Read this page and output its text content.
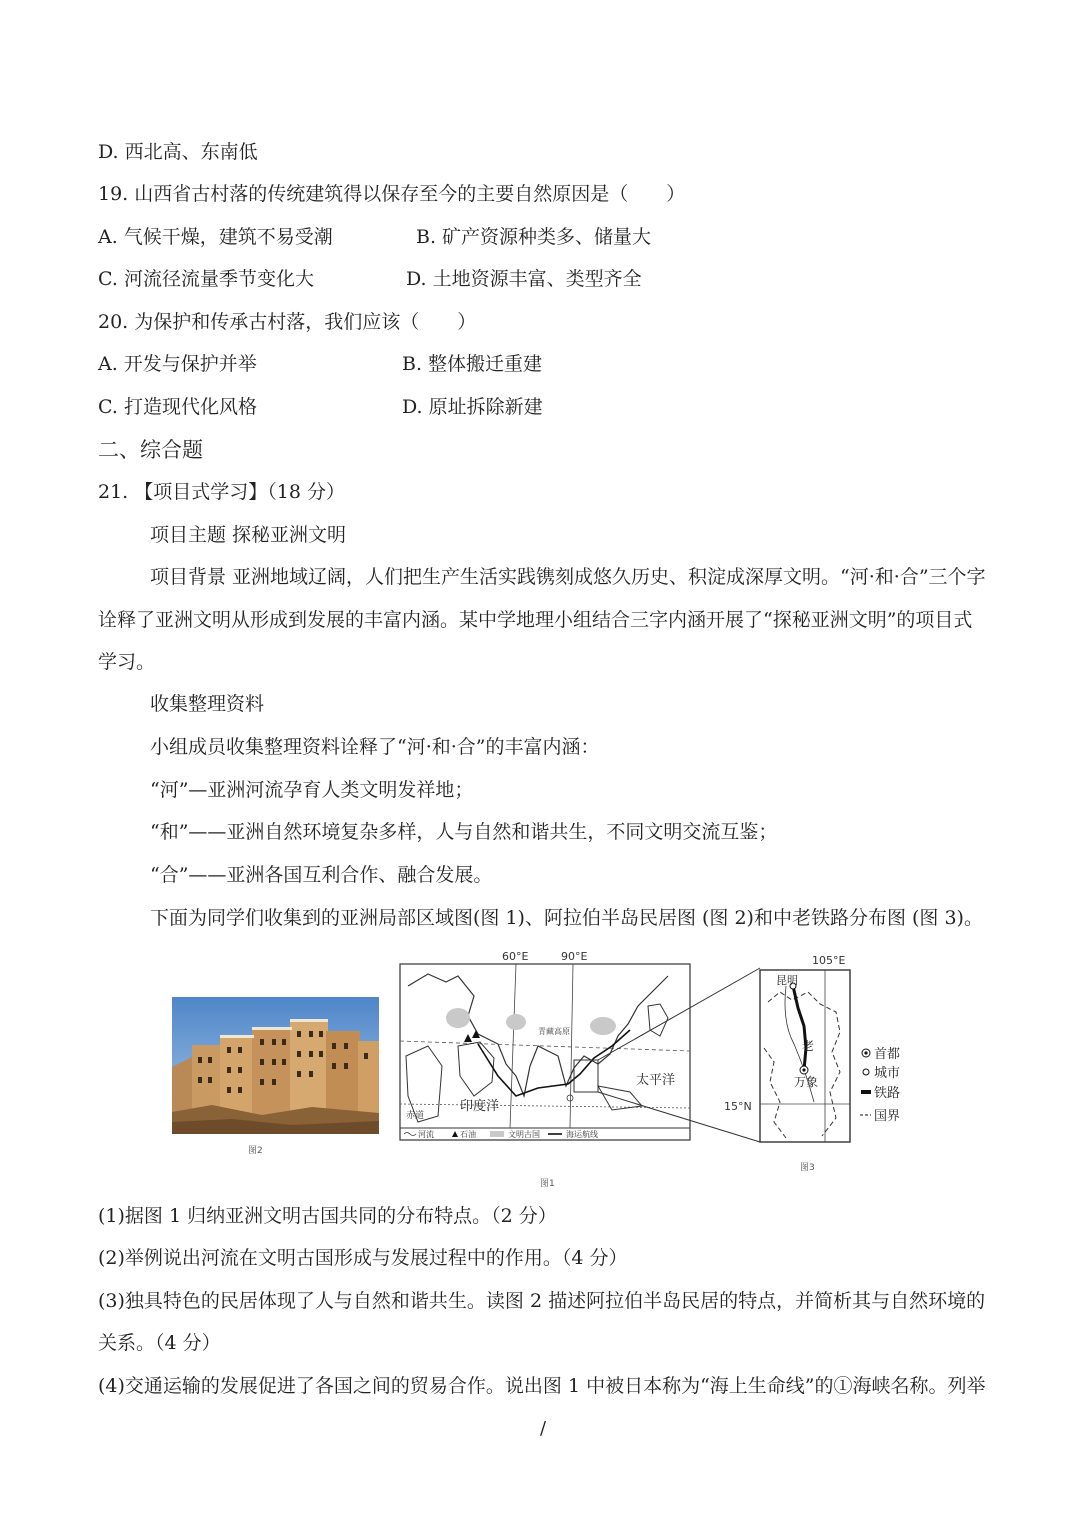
D. 西北高、东南低
19. 山西省古村落的传统建筑得以保存至今的主要自然原因是（　　）
A. 气候干燥，建筑不易受潮	B. 矿产资源种类多、储量大
C. 河流径流量季节变化大	D. 土地资源丰富、类型齐全
20. 为保护和传承古村落，我们应该（　　）
A. 开发与保护并举	B. 整体搬迁重建
C. 打造现代化风格	D. 原址拆除新建
二、综合题
21. 【项目式学习】（18 分）
项目主题 探秘亚洲文明
项目背景 亚洲地域辽阔，人们把生产生活实践镌刻成悠久历史、积淀成深厚文明。“河·和·合”三个字
诠释了亚洲文明从形成到发展的丰富内涵。某中学地理小组结合三字内涵开展了“探秘亚洲文明”的项目式
学习。
收集整理资料
小组成员收集整理资料诠释了“河·和·合”的丰富内涵：
“河”—亚洲河流孕育人类文明发祥地；
“和”——亚洲自然环境复杂多样，人与自然和谐共生，不同文明交流互鉴；
“合”——亚洲各国互利合作、融合发展。
下面为同学们收集到的亚洲局部区域图(图 1)、阿拉伯半岛民居图 (图 2)和中老铁路分布图 (图 3)。
图2
60°E	90°E
青藏高原
太平洋
印度洋
赤道
河流	石油	文明古国	海运航线
图1
昆明
老
万象
105°E
15°N
首都
城市
铁路
国界
图3
(1)据图 1 归纳亚洲文明古国共同的分布特点。（2 分）
(2)举例说出河流在文明古国形成与发展过程中的作用。（4 分）
(3)独具特色的民居体现了人与自然和谐共生。读图 2 描述阿拉伯半岛民居的特点，并简析其与自然环境的
关系。（4 分）
(4)交通运输的发展促进了各国之间的贸易合作。说出图 1 中被日本称为“海上生命线”的①海峡名称。列举
/
